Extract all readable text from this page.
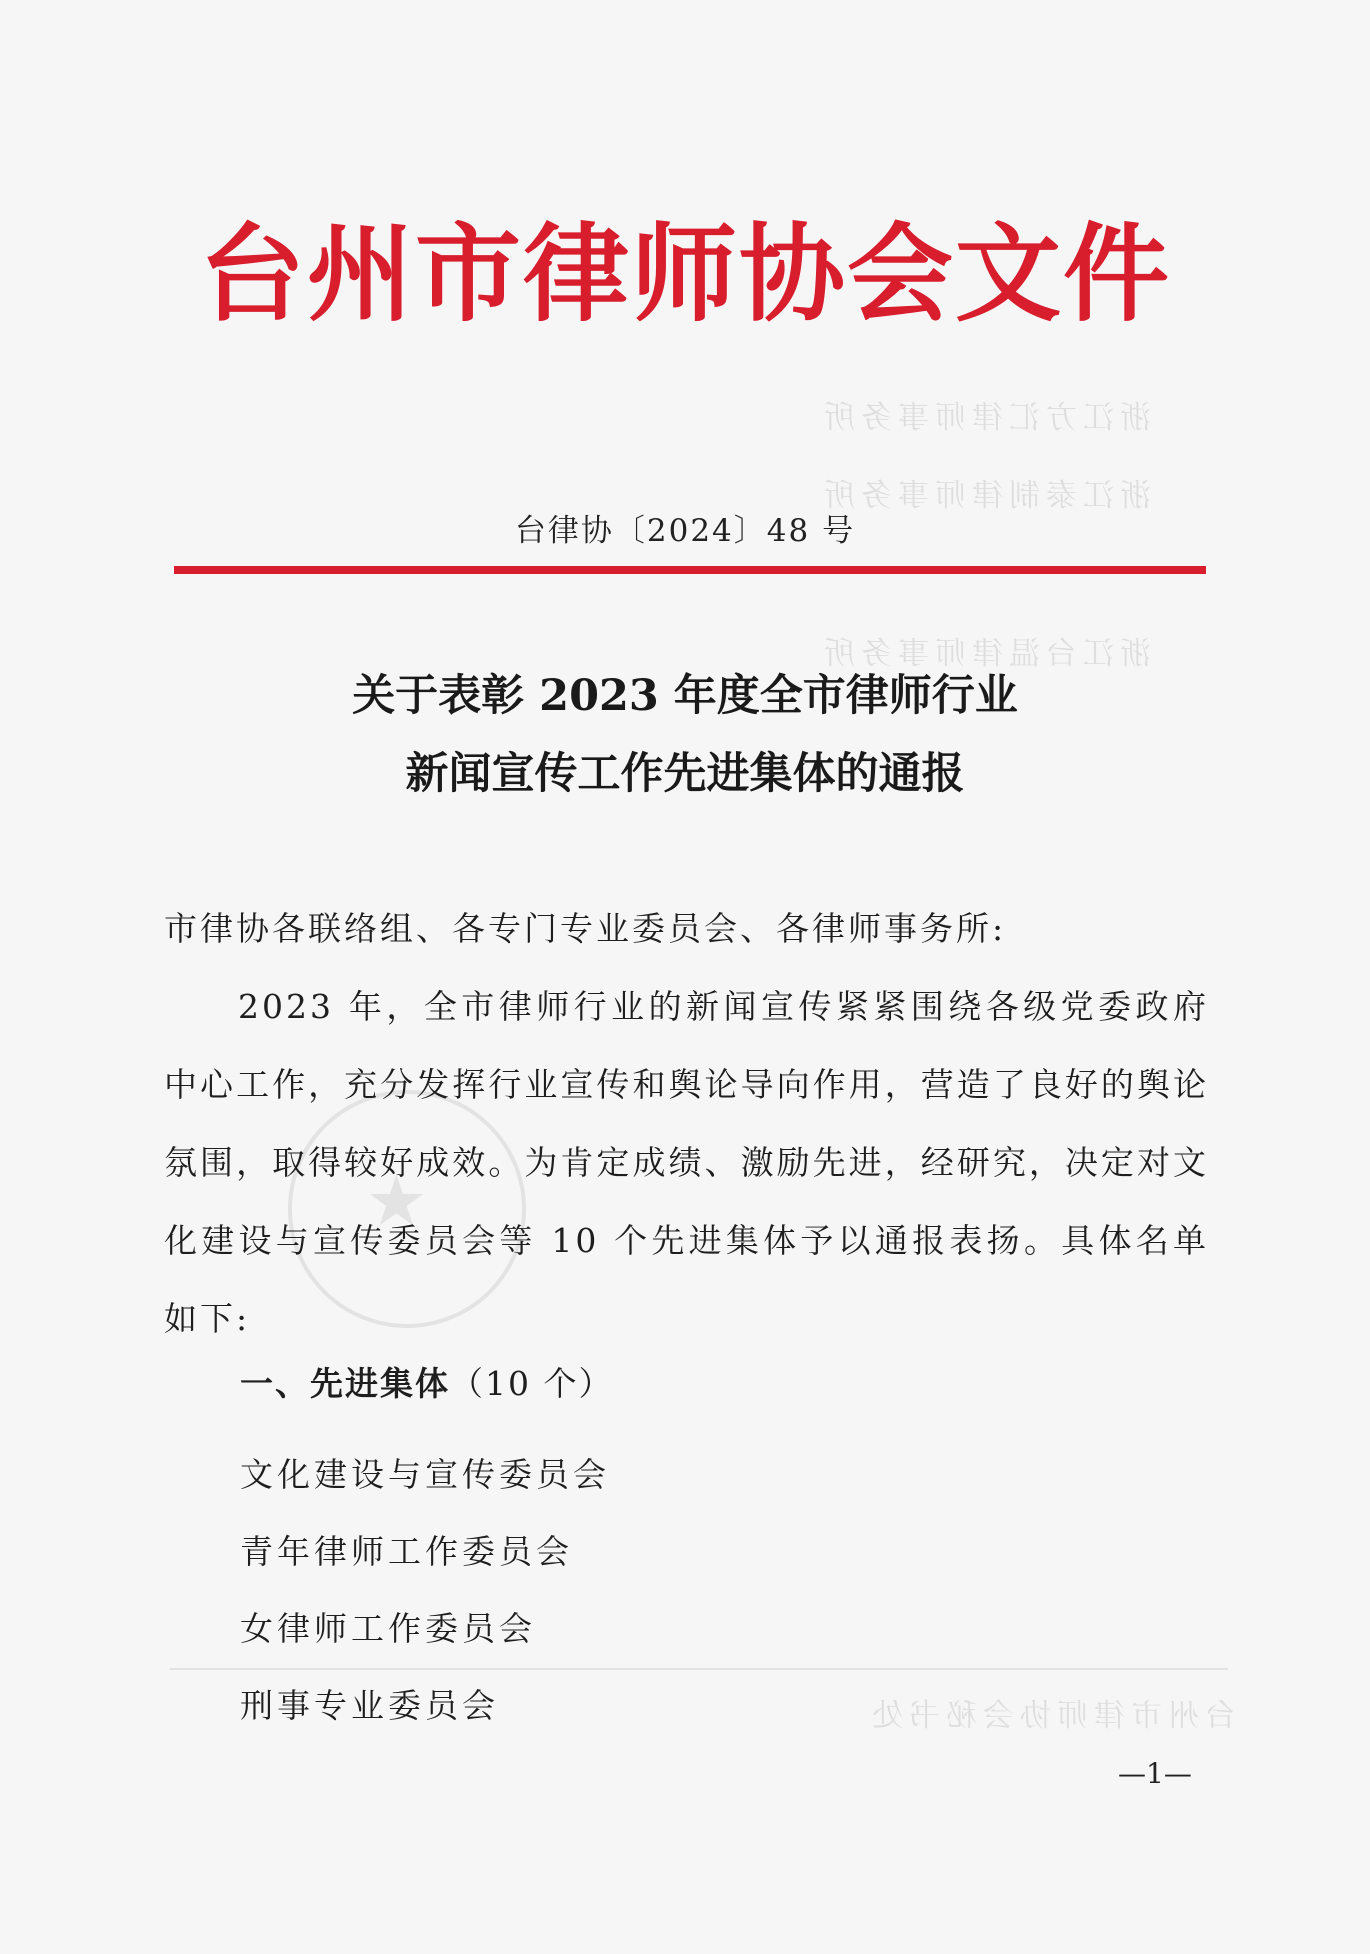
浙江方汇律师事务所
浙江泰制律师事务所
浙江台温律师事务所
台州市律师协会秘书处
★
台州市律师协会文件
台律协〔2024〕48 号
关于表彰 2023 年度全市律师行业
新闻宣传工作先进集体的通报
市律协各联络组、各专门专业委员会、各律师事务所:
2023 年，全市律师行业的新闻宣传紧紧围绕各级党委政府中心工作，充分发挥行业宣传和舆论导向作用，营造了良好的舆论氛围，取得较好成效。为肯定成绩、激励先进，经研究，决定对文化建设与宣传委员会等 10 个先进集体予以通报表扬。具体名单如下:
一、先进集体（10 个）
文化建设与宣传委员会
青年律师工作委员会
女律师工作委员会
刑事专业委员会
—1—
